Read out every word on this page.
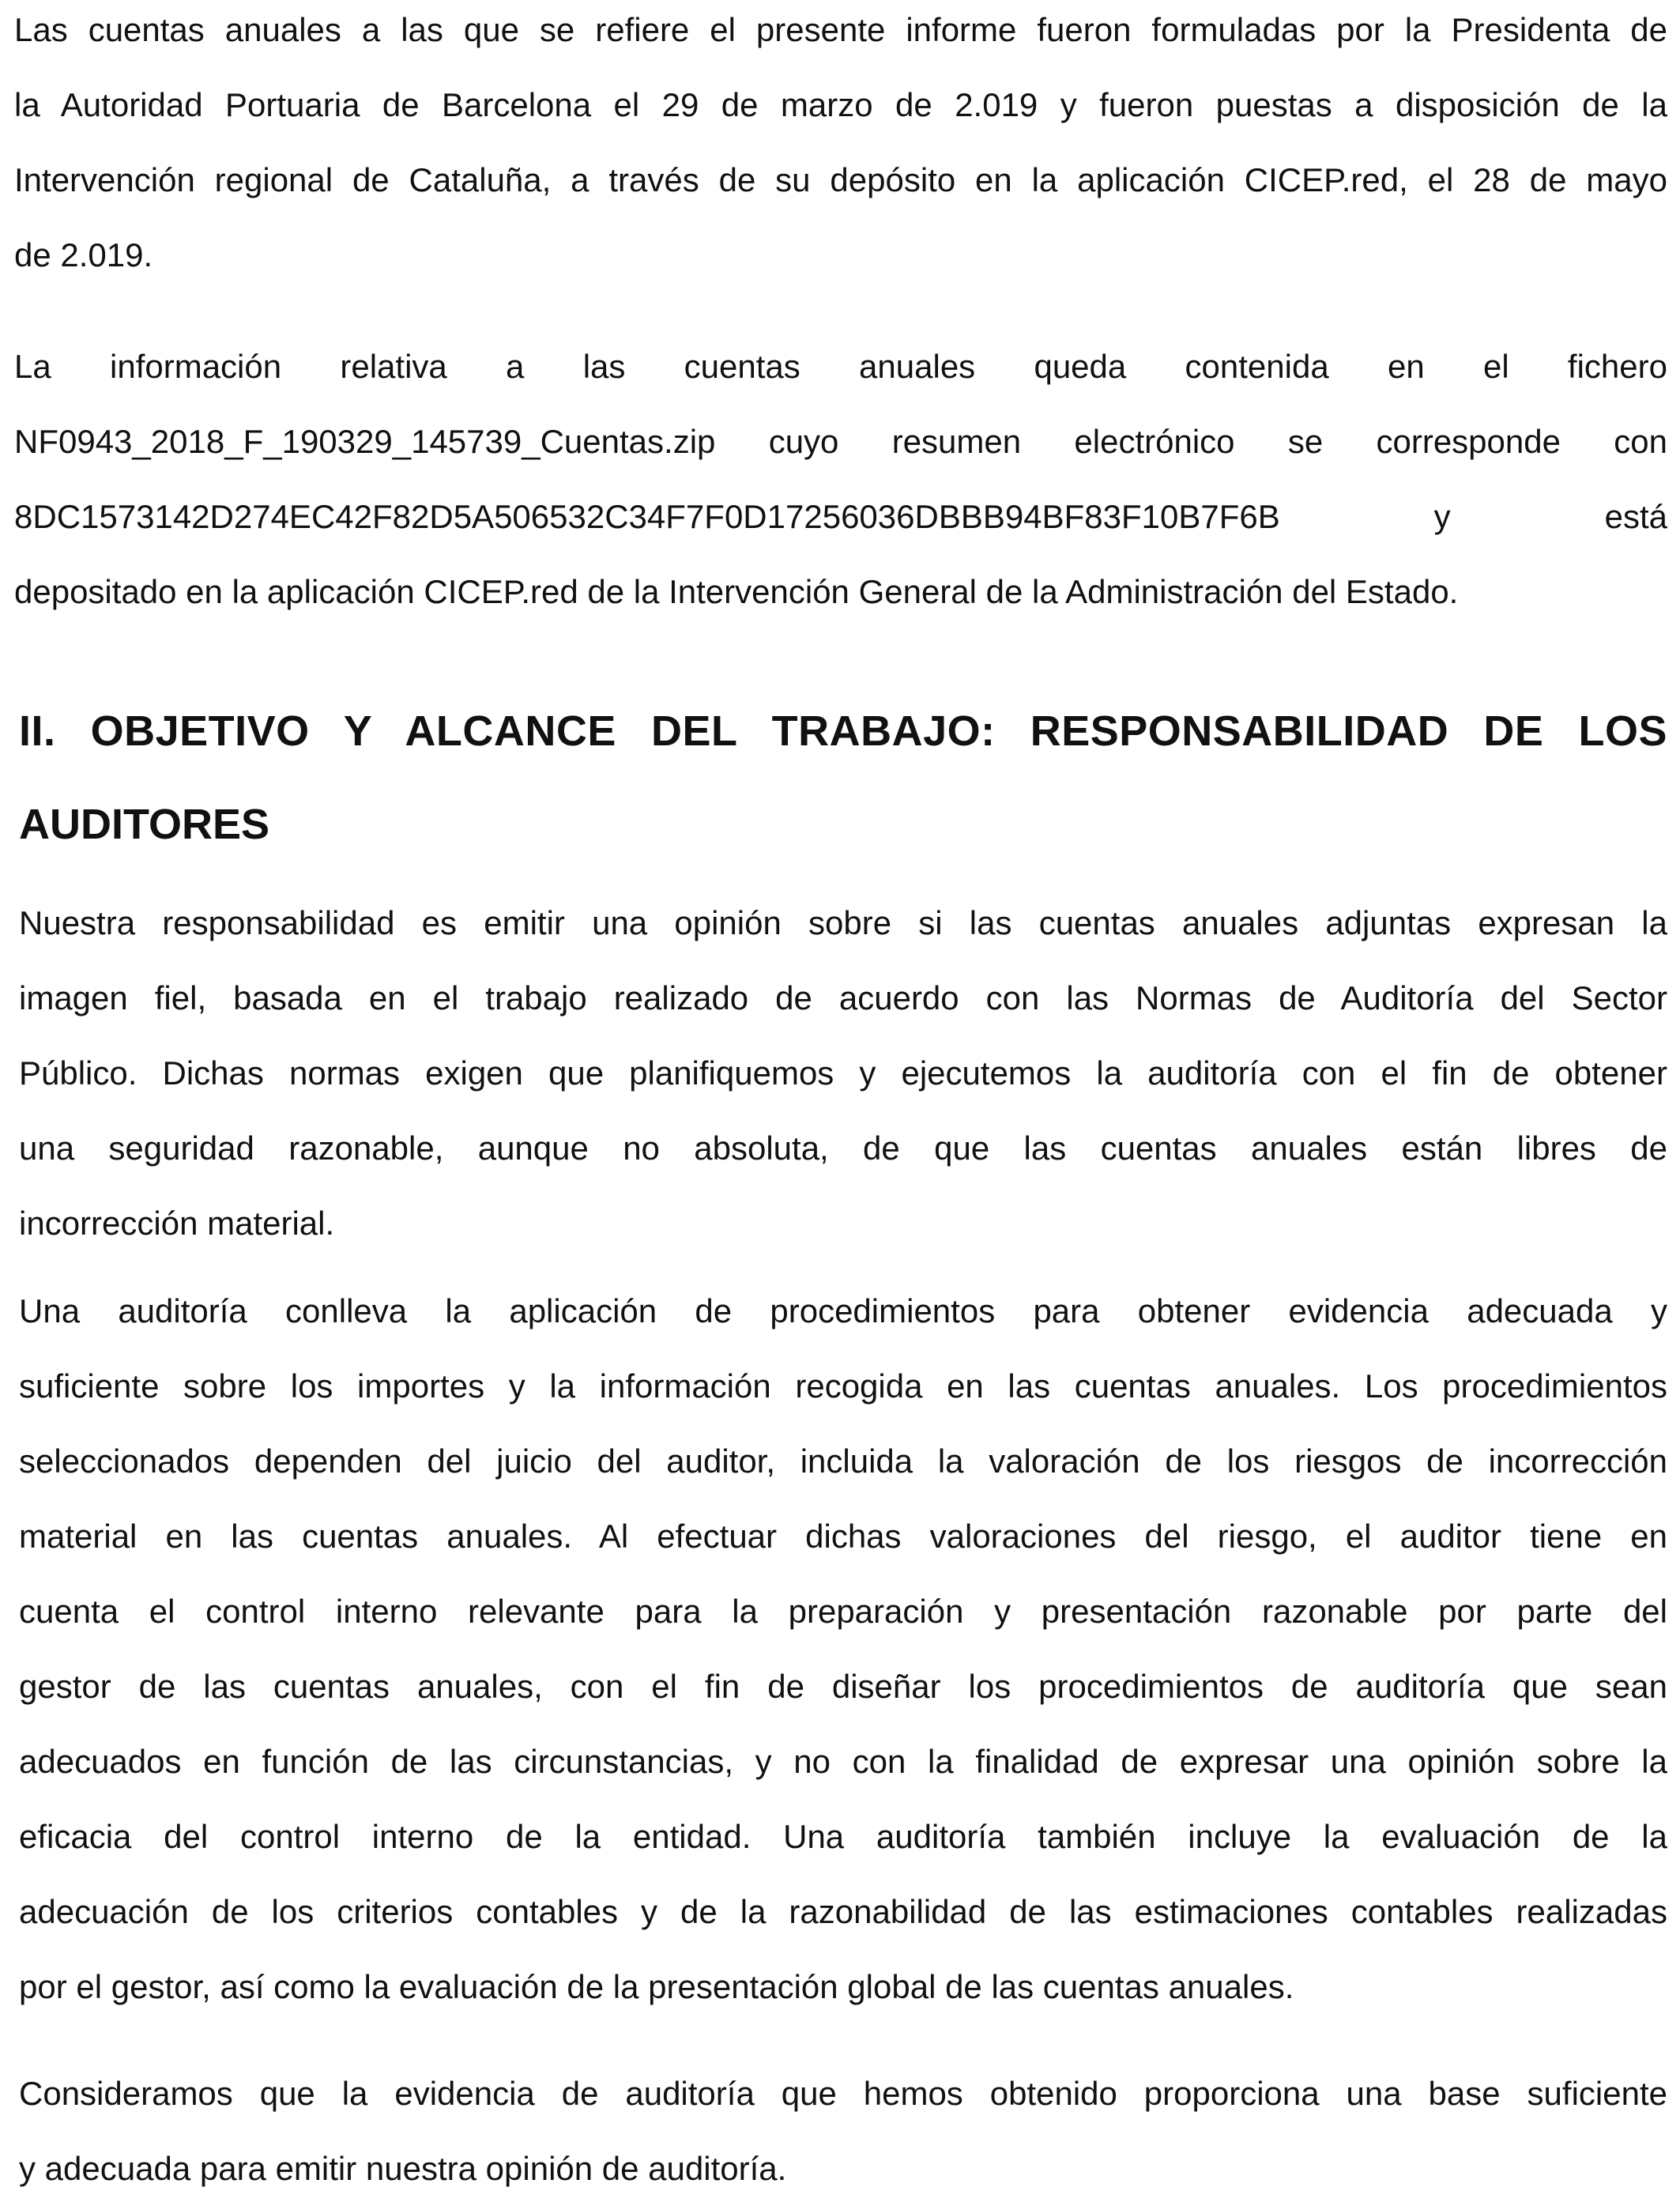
Las cuentas anuales a las que se refiere el presente informe fueron formuladas por la Presidenta de
la Autoridad Portuaria de Barcelona el 29 de marzo de 2.019 y fueron puestas a disposición de la
Intervención regional de Cataluña, a través de su depósito en la aplicación CICEP.red, el 28 de mayo
de 2.019.

La información relativa a las cuentas anuales queda contenida en el fichero
NF0943_2018_F_190329_145739_Cuentas.zip cuyo resumen electrónico se corresponde con
8DC1573142D274EC42F82D5A506532C34F7F0D17256036DBBB94BF83F10B7F6B y está
depositado en la aplicación CICEP.red de la Intervención General de la Administración del Estado.

II. OBJETIVO Y ALCANCE DEL TRABAJO: RESPONSABILIDAD DE LOS
AUDITORES

Nuestra responsabilidad es emitir una opinión sobre si las cuentas anuales adjuntas expresan la
imagen fiel, basada en el trabajo realizado de acuerdo con las Normas de Auditoría del Sector
Público. Dichas normas exigen que planifiquemos y ejecutemos la auditoría con el fin de obtener
una seguridad razonable, aunque no absoluta, de que las cuentas anuales están libres de
incorrección material.

Una auditoría conlleva la aplicación de procedimientos para obtener evidencia adecuada y
suficiente sobre los importes y la información recogida en las cuentas anuales. Los procedimientos
seleccionados dependen del juicio del auditor, incluida la valoración de los riesgos de incorrección
material en las cuentas anuales. Al efectuar dichas valoraciones del riesgo, el auditor tiene en
cuenta el control interno relevante para la preparación y presentación razonable por parte del
gestor de las cuentas anuales, con el fin de diseñar los procedimientos de auditoría que sean
adecuados en función de las circunstancias, y no con la finalidad de expresar una opinión sobre la
eficacia del control interno de la entidad. Una auditoría también incluye la evaluación de la
adecuación de los criterios contables y de la razonabilidad de las estimaciones contables realizadas
por el gestor, así como la evaluación de la presentación global de las cuentas anuales.

Consideramos que la evidencia de auditoría que hemos obtenido proporciona una base suficiente
y adecuada para emitir nuestra opinión de auditoría.
